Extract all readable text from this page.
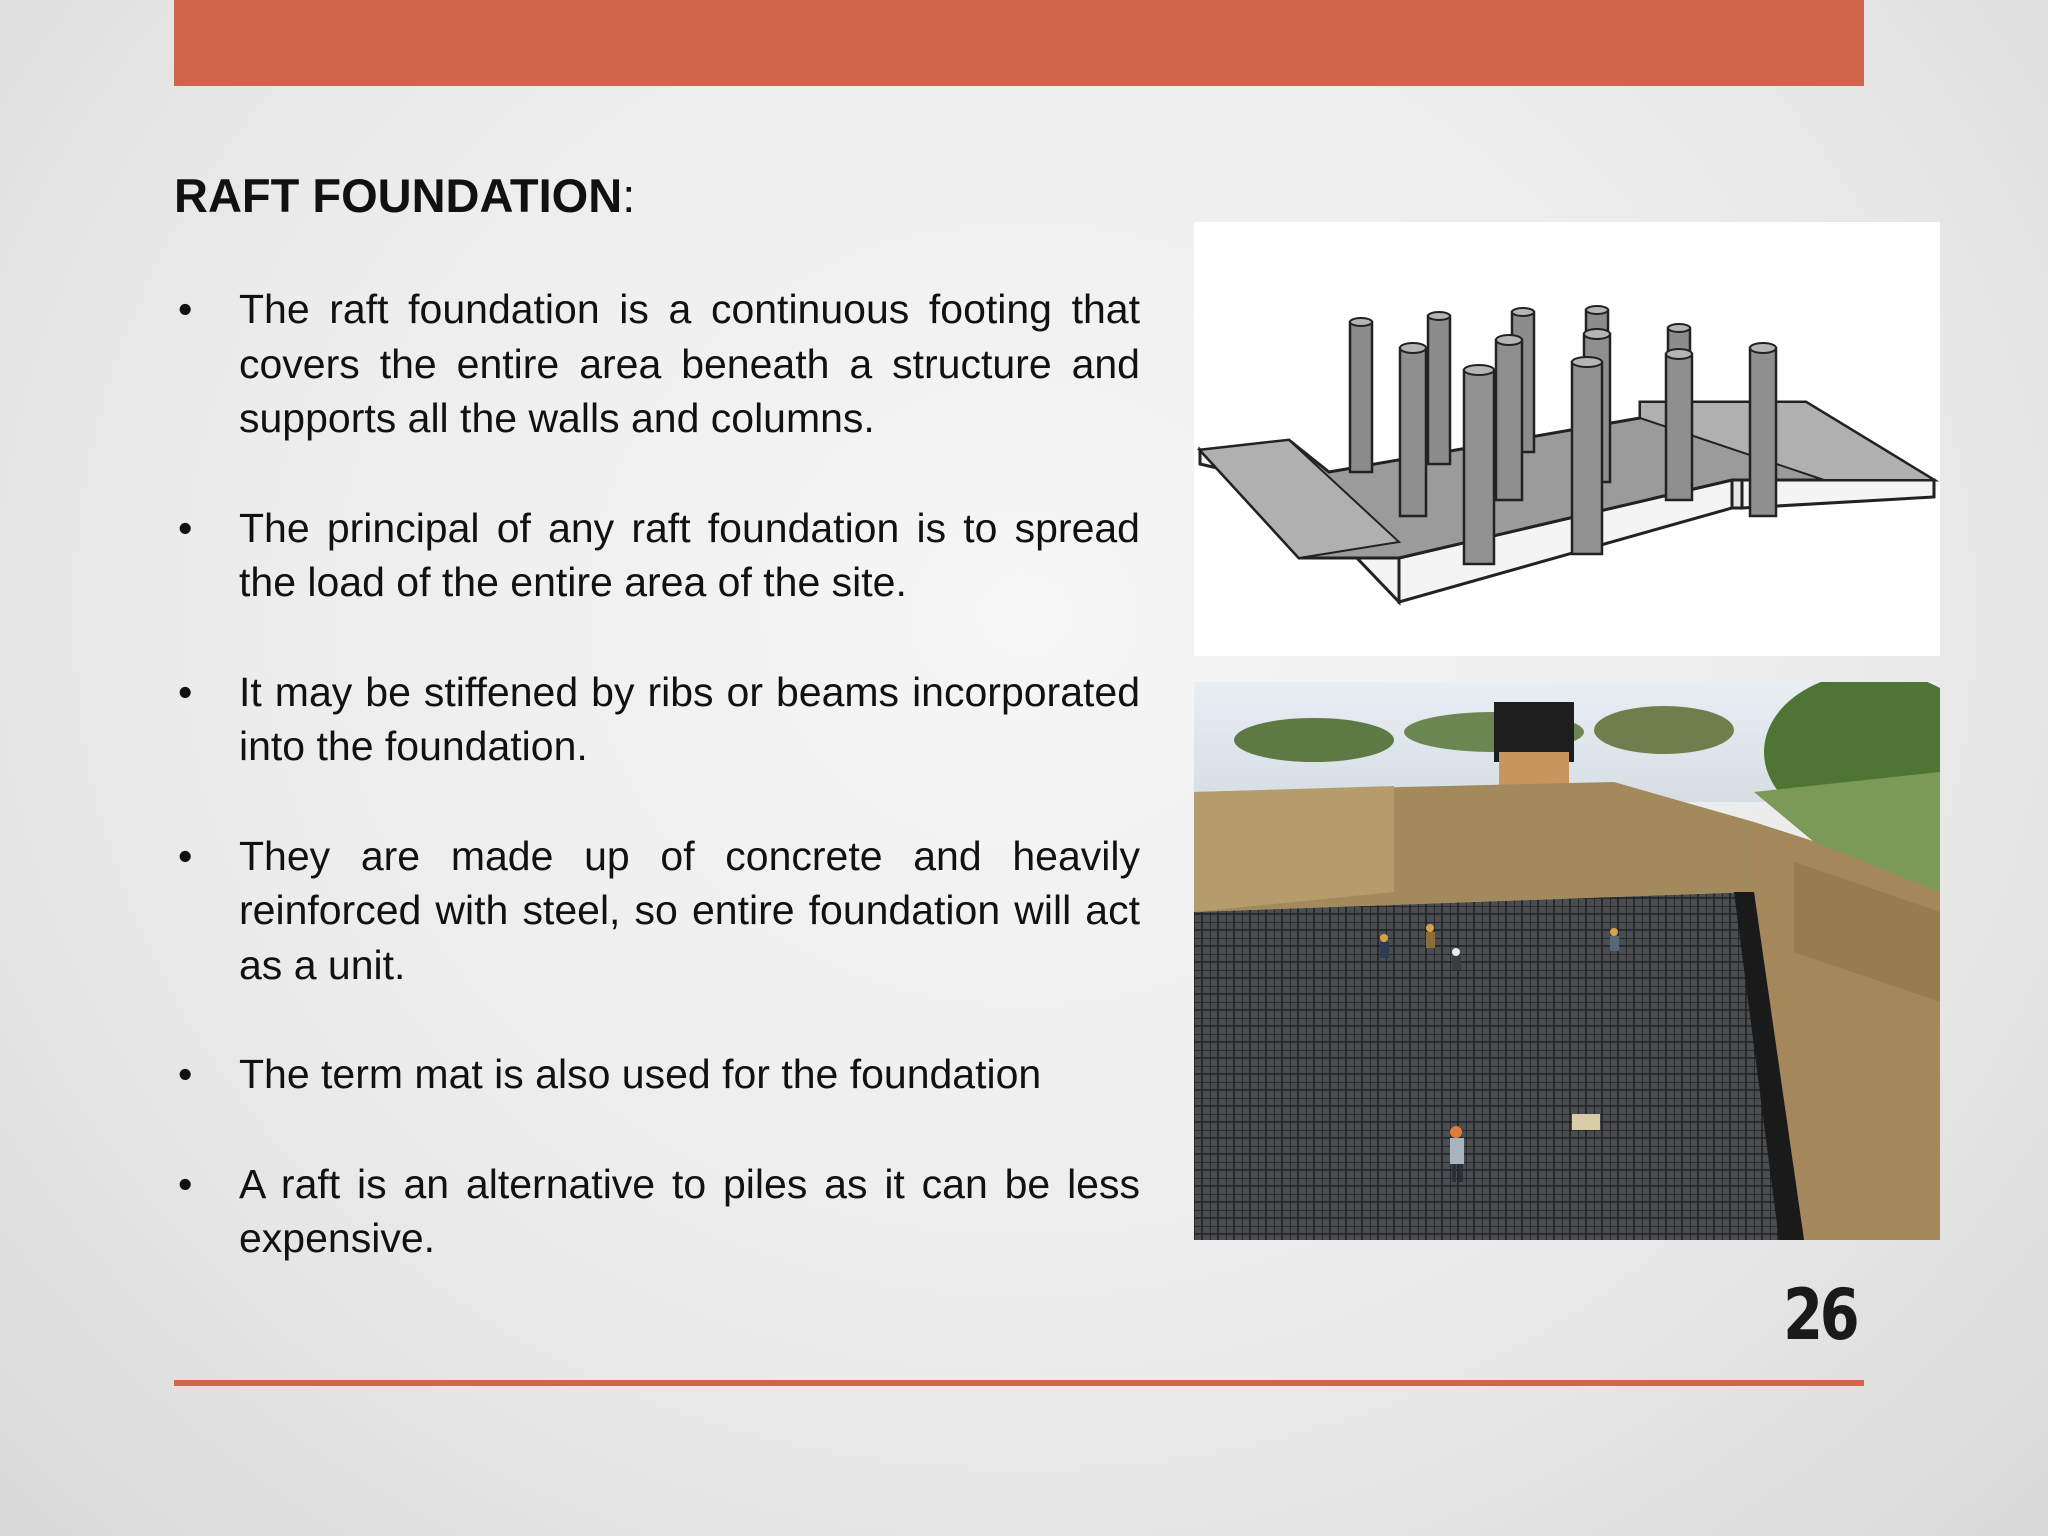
RAFT FOUNDATION:
• The raft foundation is a continuous footing that covers the entire area beneath a structure and supports all the walls and columns.
• The principal of any raft foundation is to spread the load of the entire area of the site.
• It may be stiffened by ribs or beams incorporated into the foundation.
• They are made up of concrete and heavily reinforced with steel, so entire foundation will act as a unit.
• The term mat is also used for the foundation
• A raft is an alternative to piles as it can be less expensive.
26
